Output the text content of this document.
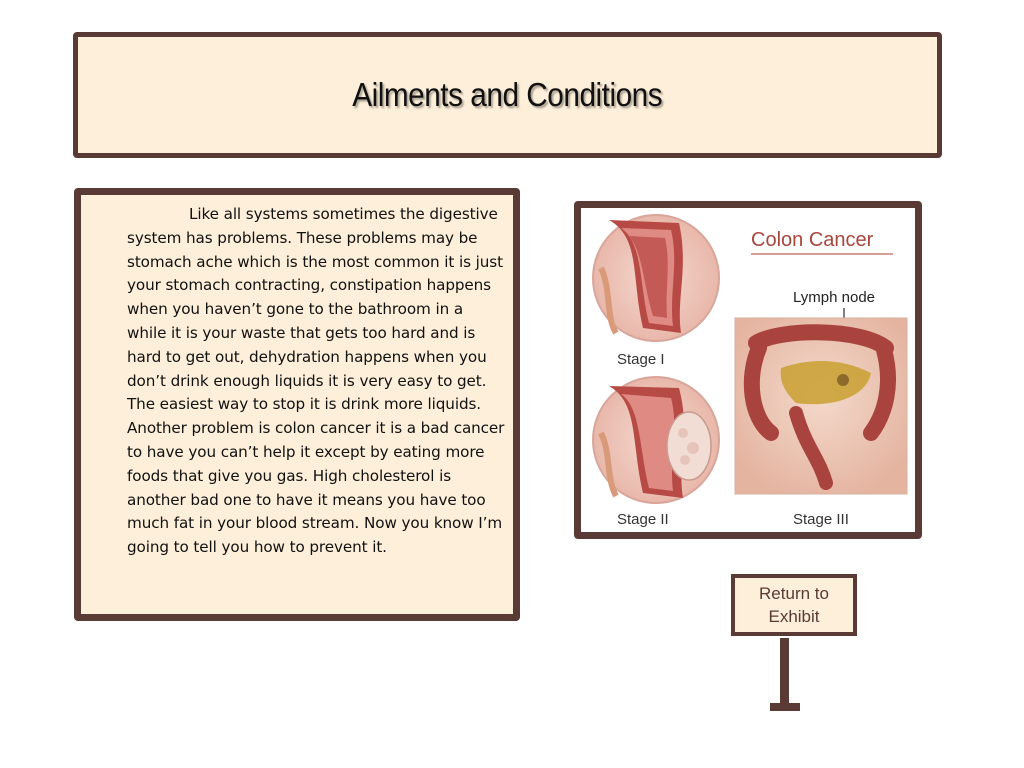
Ailments and Conditions

Like all systems sometimes the digestive system has problems. These problems may be stomach ache which is the most common it is just your stomach contracting, constipation happens when you haven’t gone to the bathroom in a while it is your waste that gets too hard and is hard to get out, dehydration happens when you don’t drink enough liquids it is very easy to get. The easiest way to stop it is drink more liquids. Another problem is colon cancer it is a bad cancer to have you can’t help it except by eating more foods that give you gas. High cholesterol is another bad one to have it means you have too much fat in your blood stream. Now you know I’m going to tell you how to prevent it.

Stage I
Stage II
Colon Cancer
Lymph node
Stage III
Return to
Exhibit
